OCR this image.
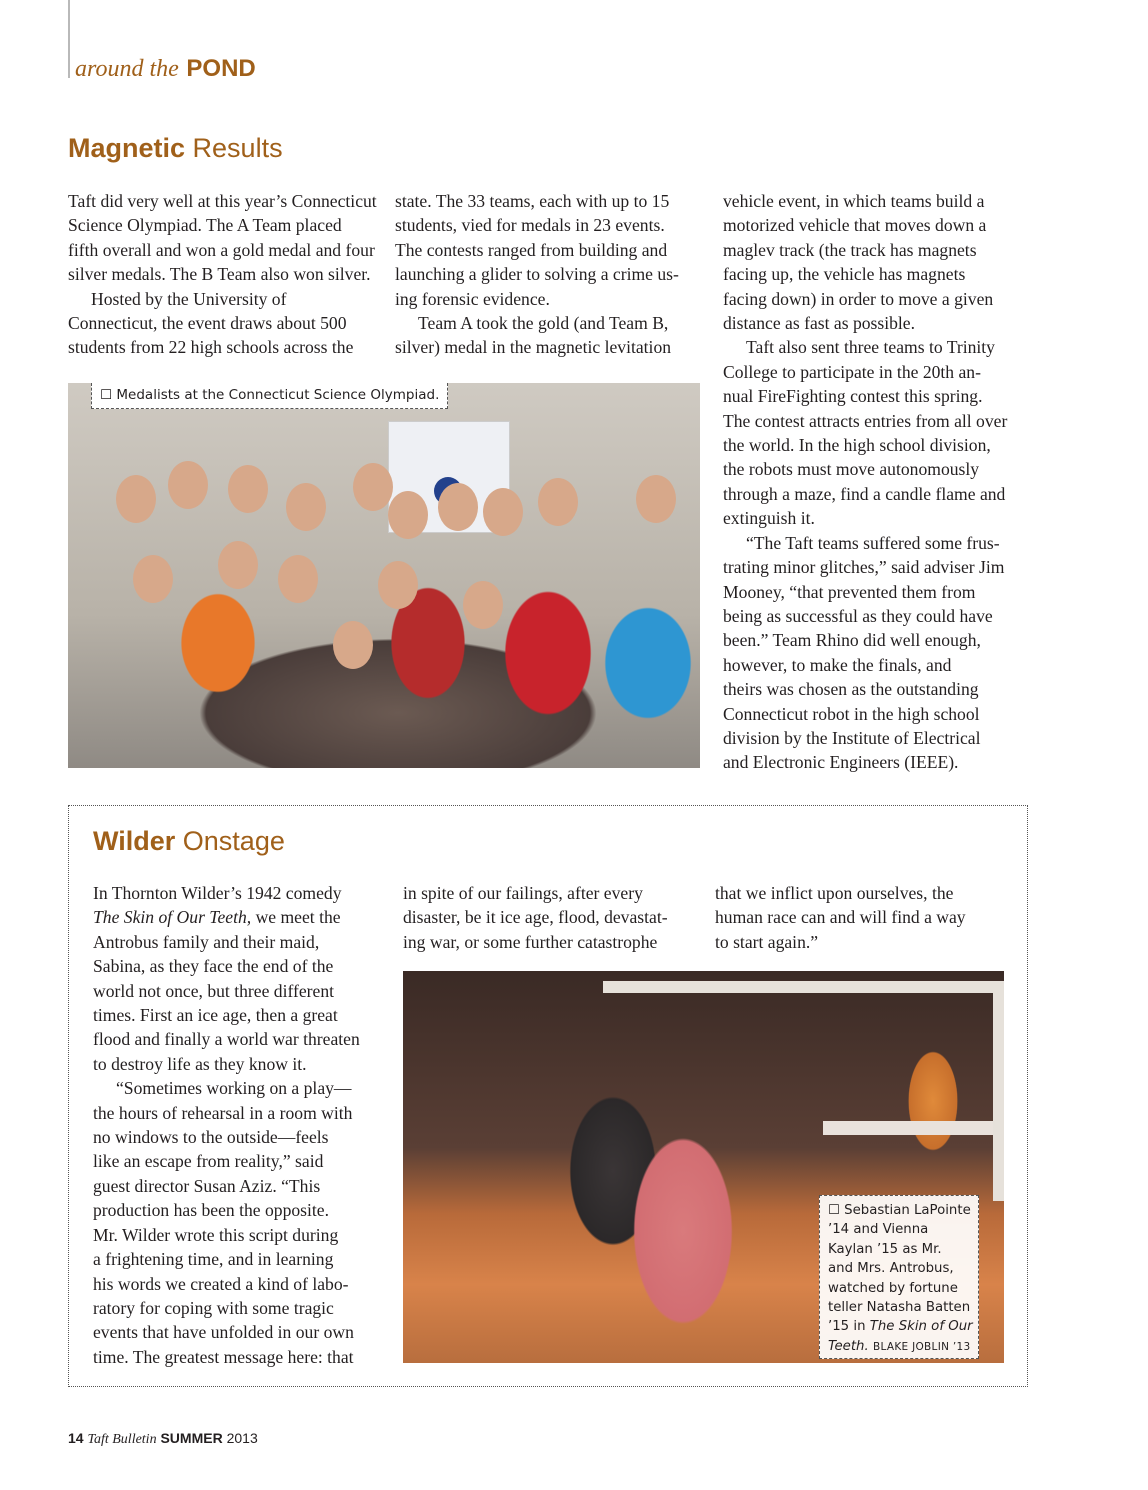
around the POND
Magnetic Results
Taft did very well at this year’s Connecticut
Science Olympiad. The A Team placed
fifth overall and won a gold medal and four
silver medals. The B Team also won silver.
Hosted by the University of
Connecticut, the event draws about 500
students from 22 high schools across the
state. The 33 teams, each with up to 15
students, vied for medals in 23 events.
The contests ranged from building and
launching a glider to solving a crime us-
ing forensic evidence.
Team A took the gold (and Team B,
silver) medal in the magnetic levitation
vehicle event, in which teams build a
motorized vehicle that moves down a
maglev track (the track has magnets
facing up, the vehicle has magnets
facing down) in order to move a given
distance as fast as possible.
Taft also sent three teams to Trinity
College to participate in the 20th an-
nual FireFighting contest this spring.
The contest attracts entries from all over
the world. In the high school division,
the robots must move autonomously
through a maze, find a candle flame and
extinguish it.
“The Taft teams suffered some frus-
trating minor glitches,” said adviser Jim
Mooney, “that prevented them from
being as successful as they could have
been.” Team Rhino did well enough,
however, to make the finals, and
theirs was chosen as the outstanding
Connecticut robot in the high school
division by the Institute of Electrical
and Electronic Engineers (IEEE).
☐ Medalists at the Connecticut Science Olympiad.
Wilder Onstage
In Thornton Wilder’s 1942 comedy
The Skin of Our Teeth, we meet the
Antrobus family and their maid,
Sabina, as they face the end of the
world not once, but three different
times. First an ice age, then a great
flood and finally a world war threaten
to destroy life as they know it.
“Sometimes working on a play—
the hours of rehearsal in a room with
no windows to the outside—feels
like an escape from reality,” said
guest director Susan Aziz. “This
production has been the opposite.
Mr. Wilder wrote this script during
a frightening time, and in learning
his words we created a kind of labo-
ratory for coping with some tragic
events that have unfolded in our own
time. The greatest message here: that
in spite of our failings, after every
disaster, be it ice age, flood, devastat-
ing war, or some further catastrophe
that we inflict upon ourselves, the
human race can and will find a way
to start again.”
☐ Sebastian LaPointe
’14 and Vienna
Kaylan ’15 as Mr.
and Mrs. Antrobus,
watched by fortune
teller Natasha Batten
’15 in The Skin of Our
Teeth. BLAKE JOBLIN ’13
14 Taft Bulletin SUMMER 2013
